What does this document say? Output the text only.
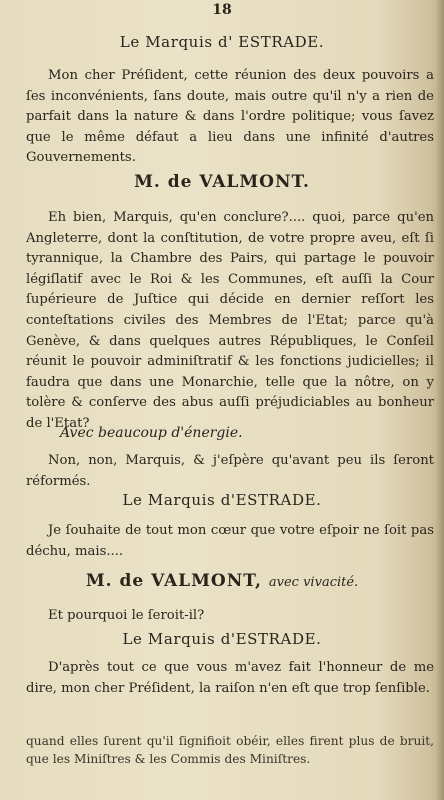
18
Le Marquis d' ESTRADE.

Mon cher Préſident, cette réunion des deux pouvoirs a ſes inconvénients, ſans doute, mais outre qu'il n'y a rien de parfait dans la nature & dans l'ordre politique; vous ſavez que le même défaut a lieu dans une infinité d'autres Gouvernements.

M. de VALMONT.

Eh bien, Marquis, qu'en conclure?.... quoi, parce qu'en Angleterre, dont la conſtitution, de votre propre aveu, eſt ſi tyrannique, la Chambre des Pairs, qui partage le pouvoir légiſlatif avec le Roi & les Communes, eſt auſſi la Cour ſupérieure de Juſtice qui décide en dernier reſſort les conteſtations civiles des Membres de l'Etat; parce qu'à Genève, & dans quelques autres Républiques, le Conſeil réunit le pouvoir adminiſtratif & les fonctions judicielles; il faudra que dans une Monarchie, telle que la nôtre, on y tolère & conſerve des abus auſſi préjudiciables au bonheur de l'Etat?

Avec beaucoup d'énergie.

Non, non, Marquis, & j'eſpère qu'avant peu ils ſeront réformés.

Le Marquis d'ESTRADE.

Je ſouhaite de tout mon cœur que votre eſpoir ne ſoit pas déchu, mais....

M. de VALMONT, avec vivacité.

Et pourquoi le ſeroit-il?

Le Marquis d'ESTRADE.

D'après tout ce que vous m'avez fait l'honneur de me dire, mon cher Préſident, la raiſon n'en eſt que trop ſenſible.

quand elles ſurent qu'il ſignifioit obéir, elles firent plus de bruit, que les Miniſtres & les Commis des Miniſtres.
